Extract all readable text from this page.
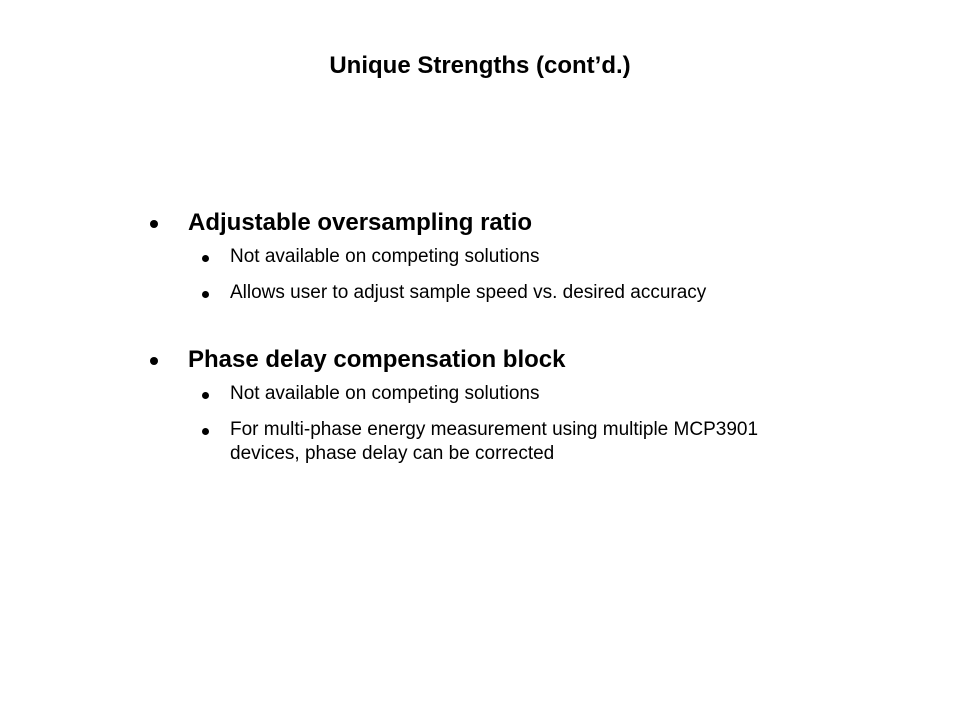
Unique Strengths (cont’d.)
Adjustable oversampling ratio
Not available on competing solutions
Allows user to adjust sample speed vs. desired accuracy
Phase delay compensation block
Not available on competing solutions
For multi-phase energy measurement using multiple MCP3901 devices, phase delay can be corrected
